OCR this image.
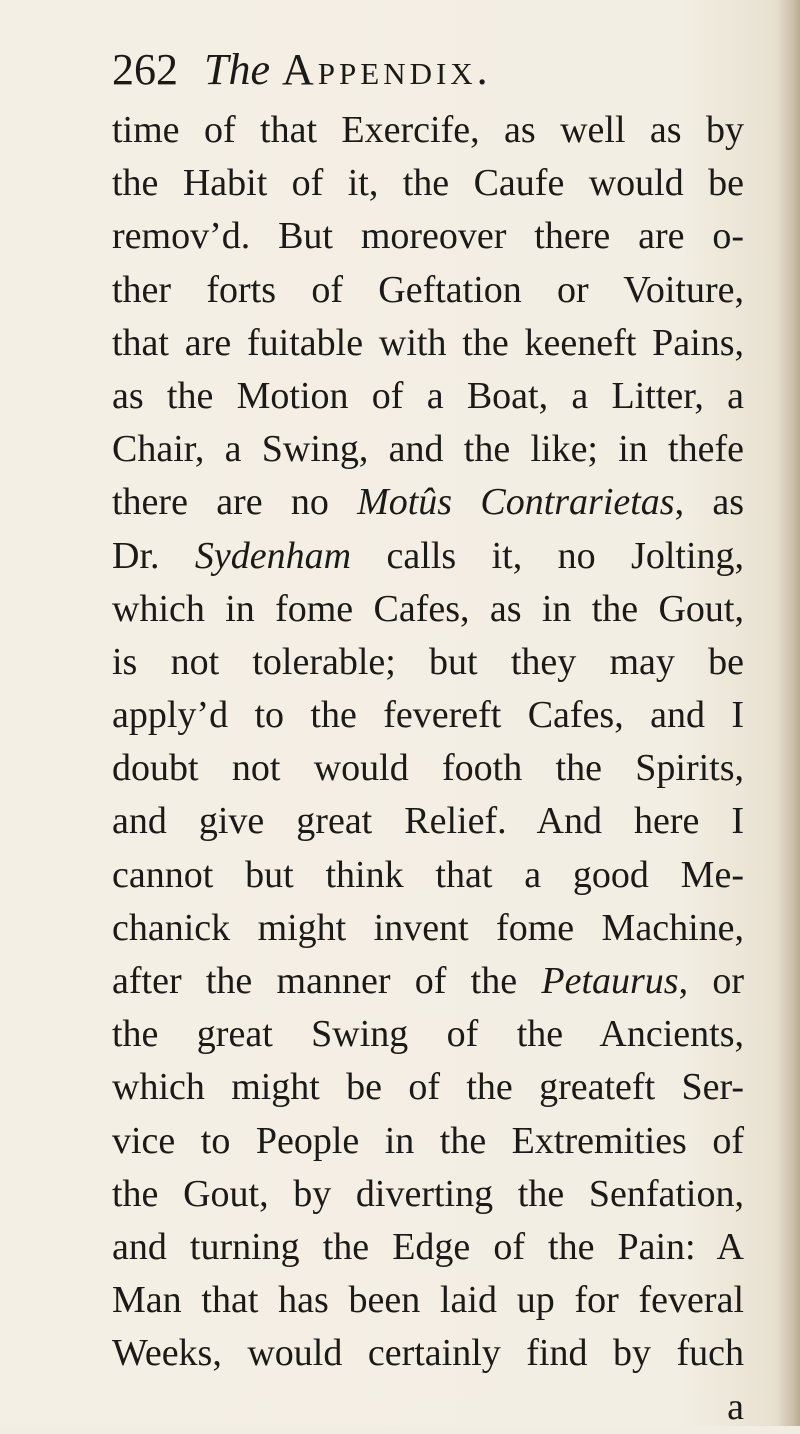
262 The Appendix.
time of that Exercife, as well as by
the Habit of it, the Caufe would be
remov’d. But moreover there are o-
ther forts of Geftation or Voiture,
that are fuitable with the keeneft Pains,
as the Motion of a Boat, a Litter, a
Chair, a Swing, and the like; in thefe
there are no Motûs Contrarietas, as
Dr. Sydenham calls it, no Jolting,
which in fome Cafes, as in the Gout,
is not tolerable; but they may be
apply’d to the fevereft Cafes, and I
doubt not would footh the Spirits,
and give great Relief. And here I
cannot but think that a good Me-
chanick might invent fome Machine,
after the manner of the Petaurus, or
the great Swing of the Ancients,
which might be of the greateft Ser-
vice to People in the Extremities of
the Gout, by diverting the Senfation,
and turning the Edge of the Pain: A
Man that has been laid up for feveral
Weeks, would certainly find by fuch
a
